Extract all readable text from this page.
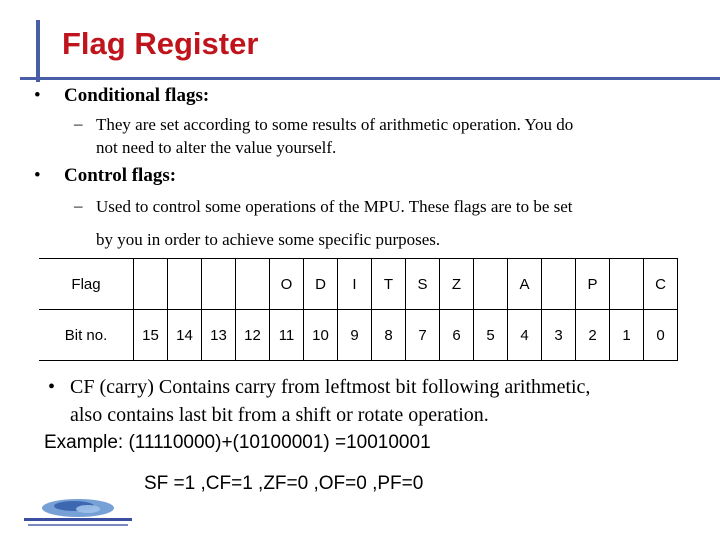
Flag Register
• Conditional flags:
– They are set according to some results of arithmetic operation. You do
not need to alter the value yourself.
• Control flags:
– Used to control some operations of the MPU. These flags are to be set
by you in order to achieve some specific purposes.
Flag					O	D	I	T	S	Z		A		P		C
Bit no.	15	14	13	12	11	10	9	8	7	6	5	4	3	2	1	0
• CF (carry) Contains carry from leftmost bit following arithmetic,
also contains last bit from a shift or rotate operation.
Example: (11110000)+(10100001) =10010001
SF =1 ,CF=1 ,ZF=0 ,OF=0 ,PF=0
